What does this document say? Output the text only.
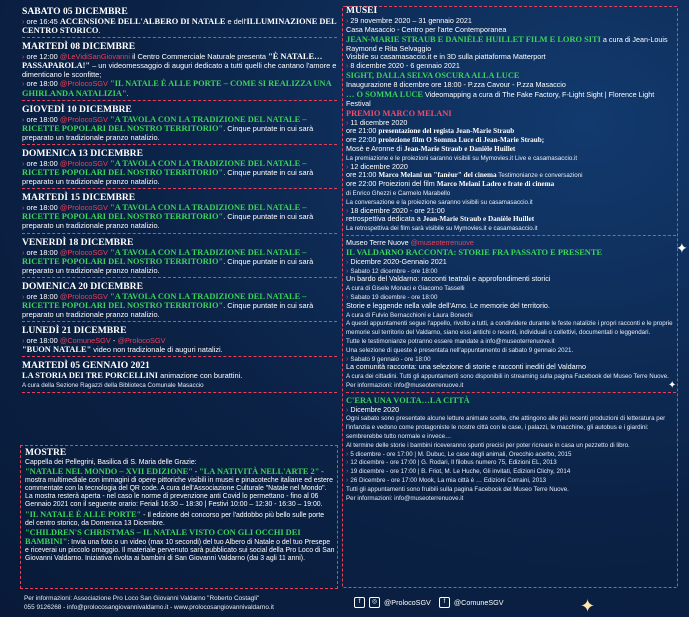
✦
✦
✦
SABATO 05 DICEMBRE
› ore 16:45 ACCENSIONE DELL'ALBERO DI NATALE e dell'ILLUMINAZIONE DEL CENTRO STORICO.
MARTEDÌ 08 DICEMBRE
› ore 12:00 @LeVidiSanGiovanni il Centro Commerciale Naturale presenta "È NATALE… PASSAPAROLA!" – un videomessaggio di auguri dedicato a tutti quelli che cantano l'amore e dimenticano le sconfitte;
› ore 18:00 @ProlocoSGV "IL NATALE È ALLE PORTE – COME SI REALIZZA UNA GHIRLANDA NATALIZIA".
GIOVEDÌ 10 DICEMBRE
› ore 18:00 @ProlocoSGV "A TAVOLA CON LA TRADIZIONE DEL NATALE – RICETTE POPOLARI DEL NOSTRO TERRITORIO". Cinque puntate in cui sarà preparato un tradizionale pranzo natalizio.
DOMENICA 13 DICEMBRE
› ore 18:00 @ProlocoSGV "A TAVOLA CON LA TRADIZIONE DEL NATALE – RICETTE POPOLARI DEL NOSTRO TERRITORIO". Cinque puntate in cui sarà preparato un tradizionale pranzo natalizio.
MARTEDÌ 15 DICEMBRE
› ore 18:00 @ProlocoSGV "A TAVOLA CON LA TRADIZIONE DEL NATALE – RICETTE POPOLARI DEL NOSTRO TERRITORIO". Cinque puntate in cui sarà preparato un tradizionale pranzo natalizio.
VENERDÌ 18 DICEMBRE
› ore 18:00 @ProlocoSGV "A TAVOLA CON LA TRADIZIONE DEL NATALE – RICETTE POPOLARI DEL NOSTRO TERRITORIO". Cinque puntate in cui sarà preparato un tradizionale pranzo natalizio.
DOMENICA 20 DICEMBRE
› ore 18:00 @ProlocoSGV "A TAVOLA CON LA TRADIZIONE DEL NATALE – RICETTE POPOLARI DEL NOSTRO TERRITORIO". Cinque puntate in cui sarà preparato un tradizionale pranzo natalizio.
LUNEDÌ 21 DICEMBRE
› ore 18:00 @ComuneSGV - @ProlocoSGV
"BUON NATALE" video non tradizionale di auguri natalizi.
MARTEDÌ 05 GENNAIO 2021
LA STORIA DEI TRE PORCELLINI animazione con burattini.
A cura della Sezione Ragazzi della Biblioteca Comunale Masaccio
MUSEI
› 29 novembre 2020 – 31 gennaio 2021
Casa Masaccio - Centro per l'arte Contemporanea
JEAN-MARIE STRAUB E DANIÈLE HUILLET FILM E LORO SITI a cura di Jean-Louis Raymond e Rita Selvaggio
Visibile su casamasaccio.it e in 3D sulla piattaforma Matterport
› 8 dicembre 2020 - 6 gennaio 2021
SIGHT, DALLA SELVA OSCURA ALLA LUCE
Inaugurazione 8 dicembre ore 18:00 - P.zza Cavour - P.zza Masaccio
… O SOMMA LUCE Videomapping a cura di The Fake Factory, F-Light Sight | Florence Light Festival
PREMIO MARCO MELANI
› 11 dicembre 2020
ore 21:00 presentazione del regista Jean-Marie Straub
ore 22:00 proiezione film O Somma Luce di Jean-Marie Straub;
Mosè e Aronne di Jean-Marie Straub e Danièle Huillet
La premiazione e le proiezioni saranno visibili su Mymovies.it Live e casamasaccio.it
› 12 dicembre 2020
ore 21:00 Marco Melani un "fanèur" del cinema Testimonianze e conversazioni
ore 22:00 Proiezioni del film Marco Melani Ladro e frate di cinema
di Enrico Ghezzi e Carmelo Marabello
La conversazione e la proiezione saranno visibili su casamasaccio.it
› 18 dicembre 2020 - ore 21:00
retrospettiva dedicata a Jean-Marie Straub e Danièle Huillet
La retrospettiva dei film sarà visibile su Mymovies.it e casamasaccio.it
Museo Terre Nuove @museoterrenuove
IL VALDARNO RACCONTA: STORIE FRA PASSATO E PRESENTE
› Dicembre 2020-Gennaio 2021
› Sabato 12 dicembre - ore 18:00
Un bardo del Valdarno: racconti teatrali e approfondimenti storici
A cura di Gisele Monaci e Giacomo Tasselli
› Sabato 19 dicembre - ore 18:00
Storie e leggende nella valle dell'Arno. Le memorie del territorio.
A cura di Fulvio Bernacchioni e Laura Bonechi
A questi appuntamenti segue l'appello, rivolto a tutti, a condividere durante le feste natalizie i propri racconti e le proprie memorie sul territorio del Valdarno, siano essi antichi o recenti, individuali o collettivi, documentati o leggendari.
Tutte le testimonianze potranno essere mandate a info@museoterrenuove.it
Una selezione di queste è presentata nell'appuntamento di sabato 9 gennaio 2021.
› Sabato 9 gennaio - ore 18:00
La comunità racconta: una selezione di storie e racconti inediti del Valdarno
A cura dei cittadini. Tutti gli appuntamenti sono disponibili in streaming sulla pagina Facebook del Museo Terre Nuove. Per informazioni: info@museoterrenuove.it
C'ERA UNA VOLTA…LA CITTÀ
› Dicembre 2020
Ogni sabato sono presentate alcune letture animate scelte, che attingono alle più recenti produzioni di letteratura per l'infanzia e vedono come protagoniste le nostre città con le case, i palazzi, le macchine, gli autobus e i giardini: sembrerebbe tutto normale e invece…
Al termine delle storie i bambini riceveranno spunti precisi per poter ricreare in casa un pezzetto di libro.
› 5 dicembre - ore 17:00 | M. Dubuc, Le case degli animali, Orecchio acerbo, 2015
› 12 dicembre - ore 17:00 | G. Rodari, Il filobus numero 75, Edizioni EL, 2013
› 19 dicembre - ore 17:00 | B. Friot, M. Le Huche, Gli invitati, Edizioni Clichy, 2014
› 26 Dicembre - ore 17:00 Mook, La mia città è … Edizioni Corraini, 2013
Tutti gli appuntamenti sono fruibili sulla pagina Facebook del Museo Terre Nuove.
Per informazioni: info@museoterrenuove.it
MOSTRE
Cappella dei Pellegrini, Basilica di S. Maria delle Grazie:
"NATALE NEL MONDO – XVII EDIZIONE" - "LA NATIVITÀ NELL'ARTE 2" - mostra multimediale con immagini di opere pittoriche visibili in musei e pinacoteche italiane ed estere commentate con la tecnologia del QR code. A cura dell'Associazione Culturale "Natale nel Mondo". La mostra resterà aperta - nel caso le norme di prevenzione anti Covid lo permettano - fino al 06 Gennaio 2021 con il seguente orario: Feriali 16:30 – 18:30 | Festivi 10:00 – 12:30 - 16:30 – 19:00.
"IL NATALE È ALLE PORTE" - Il edizione del concorso per l'addobbo più bello sulle porte del centro storico, da Domenica 13 Dicembre.
"CHILDREN'S CHRISTMAS – IL NATALE VISTO CON GLI OCCHI DEI BAMBINI": Invia una foto o un video (max 10 secondi) del tuo Albero di Natale o del tuo Presepe e riceverai un piccolo omaggio. Il materiale pervenuto sarà pubblicato sui social della Pro Loco di San Giovanni Valdarno. Iniziativa rivolta ai bambini di San Giovanni Valdarno (dai 3 agli 11 anni).
Per informazioni: Associazione Pro Loco San Giovanni Valdarno "Roberto Costagli"
055 9126268 - info@prolocosangiovannivaldarno.it - www.prolocosangiovannivaldarno.it
f	◎ @ProlocoSGV	f	@ComuneSGV
